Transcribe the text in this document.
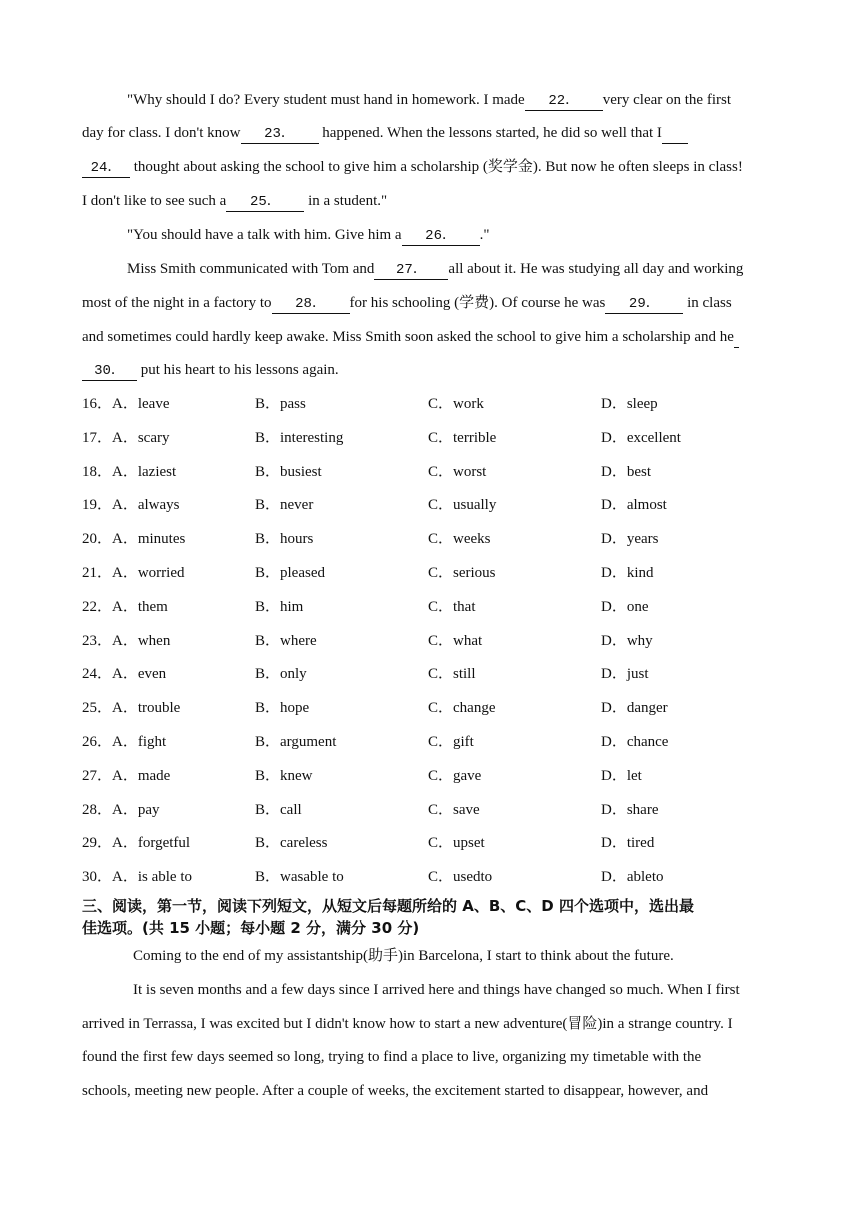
"Why should I do? Every student must hand in homework. I made 22． very clear on the first
day for class. I don't know 23． happened. When the lessons started, he did so well that I
24． thought about asking the school to give him a scholarship (奖学金). But now he often sleeps in class!
I don't like to see such a 25． in a student."
"You should have a talk with him. Give him a 26． ."
Miss Smith communicated with Tom and 27． all about it. He was studying all day and working
most of the night in a factory to 28． for his schooling (学费). Of course he was 29． in class
and sometimes could hardly keep awake. Miss Smith soon asked the school to give him a scholarship and he
30． put his heart to his lessons again.
16．A．leave	B．pass	C．work	D．sleep
17．A．scary	B．interesting	C．terrible	D．excellent
18．A．laziest	B．busiest	C．worst	D．best
19．A．always	B．never	C．usually	D．almost
20．A．minutes	B．hours	C．weeks	D．years
21．A．worried	B．pleased	C．serious	D．kind
22．A．them	B．him	C．that	D．one
23．A．when	B．where	C．what	D．why
24．A．even	B．only	C．still	D．just
25．A．trouble	B．hope	C．change	D．danger
26．A．fight	B．argument	C．gift	D．chance
27．A．made	B．knew	C．gave	D．let
28．A．pay	B．call	C．save	D．share
29．A．forgetful	B．careless	C．upset	D．tired
30．A．is able to	B．wasable to	C．usedto	D．ableto
三、阅读，第一节，阅读下列短文，从短文后每题所给的 A、B、C、D 四个选项中，选出最
佳选项。(共 15 小题；每小题 2 分，满分 30 分)
Coming to the end of my assistantship(助手)in Barcelona, I start to think about the future.
It is seven months and a few days since I arrived here and things have changed so much. When I first
arrived in Terrassa, I was excited but I didn't know how to start a new adventure(冒险)in a strange country. I
found the first few days seemed so long, trying to find a place to live, organizing my timetable with the
schools, meeting new people. After a couple of weeks, the excitement started to disappear, however, and
